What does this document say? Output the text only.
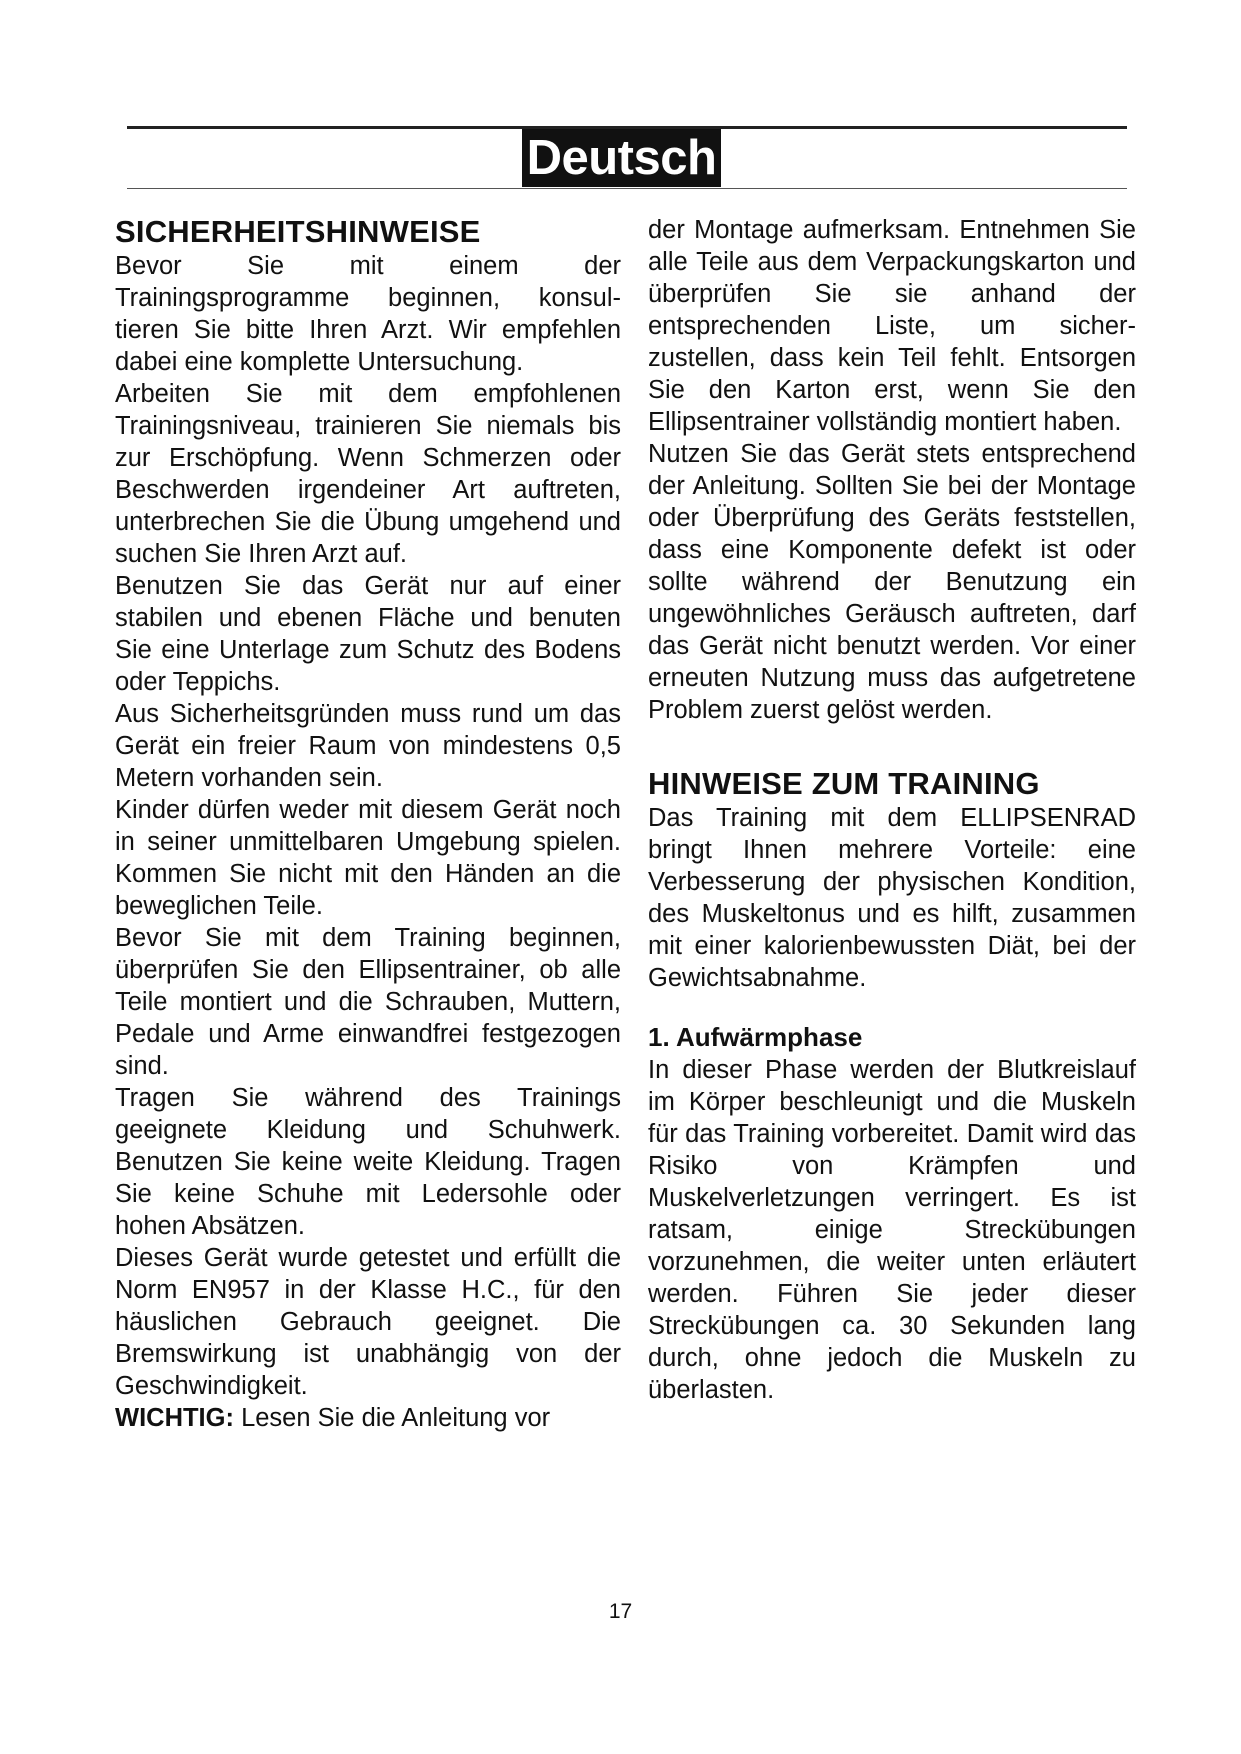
Deutsch
SICHERHEITSHINWEISE

Bevor Sie mit einem der Trainingsprogramme beginnen, konsul-tieren Sie bitte Ihren Arzt. Wir empfehlen dabei eine komplette Untersuchung.

Arbeiten Sie mit dem empfohlenen Trainingsniveau, trainieren Sie niemals bis zur Erschöpfung. Wenn Schmerzen oder Beschwerden irgendeiner Art auftreten, unterbrechen Sie die Übung umgehend und suchen Sie Ihren Arzt auf.

Benutzen Sie das Gerät nur auf einer stabilen und ebenen Fläche und benuten Sie eine Unterlage zum Schutz des Bodens oder Teppichs.

Aus Sicherheitsgründen muss rund um das Gerät ein freier Raum von mindestens 0,5 Metern vorhanden sein.

Kinder dürfen weder mit diesem Gerät noch in seiner unmittelbaren Umgebung spielen. Kommen Sie nicht mit den Händen an die beweglichen Teile.

Bevor Sie mit dem Training beginnen, überprüfen Sie den Ellipsentrainer, ob alle Teile montiert und die Schrauben, Muttern, Pedale und Arme einwandfrei festgezogen sind.

Tragen Sie während des Trainings geeignete Kleidung und Schuhwerk. Benutzen Sie keine weite Kleidung. Tragen Sie keine Schuhe mit Ledersohle oder hohen Absätzen.

Dieses Gerät wurde getestet und erfüllt die Norm EN957 in der Klasse H.C., für den häuslichen Gebrauch geeignet. Die Bremswirkung ist unabhängig von der Geschwindigkeit.

WICHTIG: Lesen Sie die Anleitung vor

der Montage aufmerksam. Entnehmen Sie alle Teile aus dem Verpackungskarton und überprüfen Sie sie anhand der entsprechenden Liste, um sicher- zustellen, dass kein Teil fehlt. Entsorgen Sie den Karton erst, wenn Sie den Ellipsentrainer vollständig montiert haben.

Nutzen Sie das Gerät stets entsprechend der Anleitung. Sollten Sie bei der Montage oder Überprüfung des Geräts feststellen, dass eine Komponente defekt ist oder sollte während der Benutzung ein ungewöhnliches Geräusch auftreten, darf das Gerät nicht benutzt werden. Vor einer erneuten Nutzung muss das aufgetretene Problem zuerst gelöst werden.

HINWEISE ZUM TRAINING

Das Training mit dem ELLIPSENRAD bringt Ihnen mehrere Vorteile: eine Verbesserung der physischen Kondition, des Muskeltonus und es hilft, zusammen mit einer kalorienbewussten Diät, bei der Gewichtsabnahme.

1. Aufwärmphase

In dieser Phase werden der Blutkreislauf im Körper beschleunigt und die Muskeln für das Training vorbereitet. Damit wird das Risiko von Krämpfen und Muskelverletzungen verringert. Es ist ratsam, einige Streckübungen vorzunehmen, die weiter unten erläutert werden. Führen Sie jeder dieser Streckübungen ca. 30 Sekunden lang durch, ohne jedoch die Muskeln zu überlasten.

17
